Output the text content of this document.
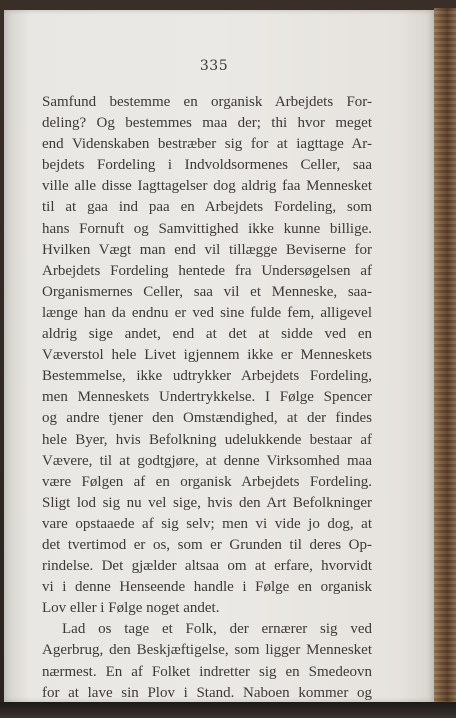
335
Samfund bestemme en organisk Arbejdets For-
deling? Og bestemmes maa der; thi hvor meget
end Videnskaben bestræber sig for at iagttage Ar-
bejdets Fordeling i Indvoldsormenes Celler, saa
ville alle disse Iagttagelser dog aldrig faa Mennesket
til at gaa ind paa en Arbejdets Fordeling, som
hans Fornuft og Samvittighed ikke kunne billige.
Hvilken Vægt man end vil tillægge Beviserne for
Arbejdets Fordeling hentede fra Undersøgelsen af
Organismernes Celler, saa vil et Menneske, saa-
længe han da endnu er ved sine fulde fem, alligevel
aldrig sige andet, end at det at sidde ved en
Væverstol hele Livet igjennem ikke er Menneskets
Bestemmelse, ikke udtrykker Arbejdets Fordeling,
men Menneskets Undertrykkelse. I Følge Spencer
og andre tjener den Omstændighed, at der findes
hele Byer, hvis Befolkning udelukkende bestaar af
Vævere, til at godtgjøre, at denne Virksomhed maa
være Følgen af en organisk Arbejdets Fordeling.
Sligt lod sig nu vel sige, hvis den Art Befolkninger
vare opstaaede af sig selv; men vi vide jo dog, at
det tvertimod er os, som er Grunden til deres Op-
rindelse. Det gjælder altsaa om at erfare, hvorvidt
vi i denne Henseende handle i Følge en organisk
Lov eller i Følge noget andet.
Lad os tage et Folk, der ernærer sig ved
Agerbrug, den Beskjæftigelse, som ligger Mennesket
nærmest. En af Folket indretter sig en Smedeovn
for at lave sin Plov i Stand. Naboen kommer og
